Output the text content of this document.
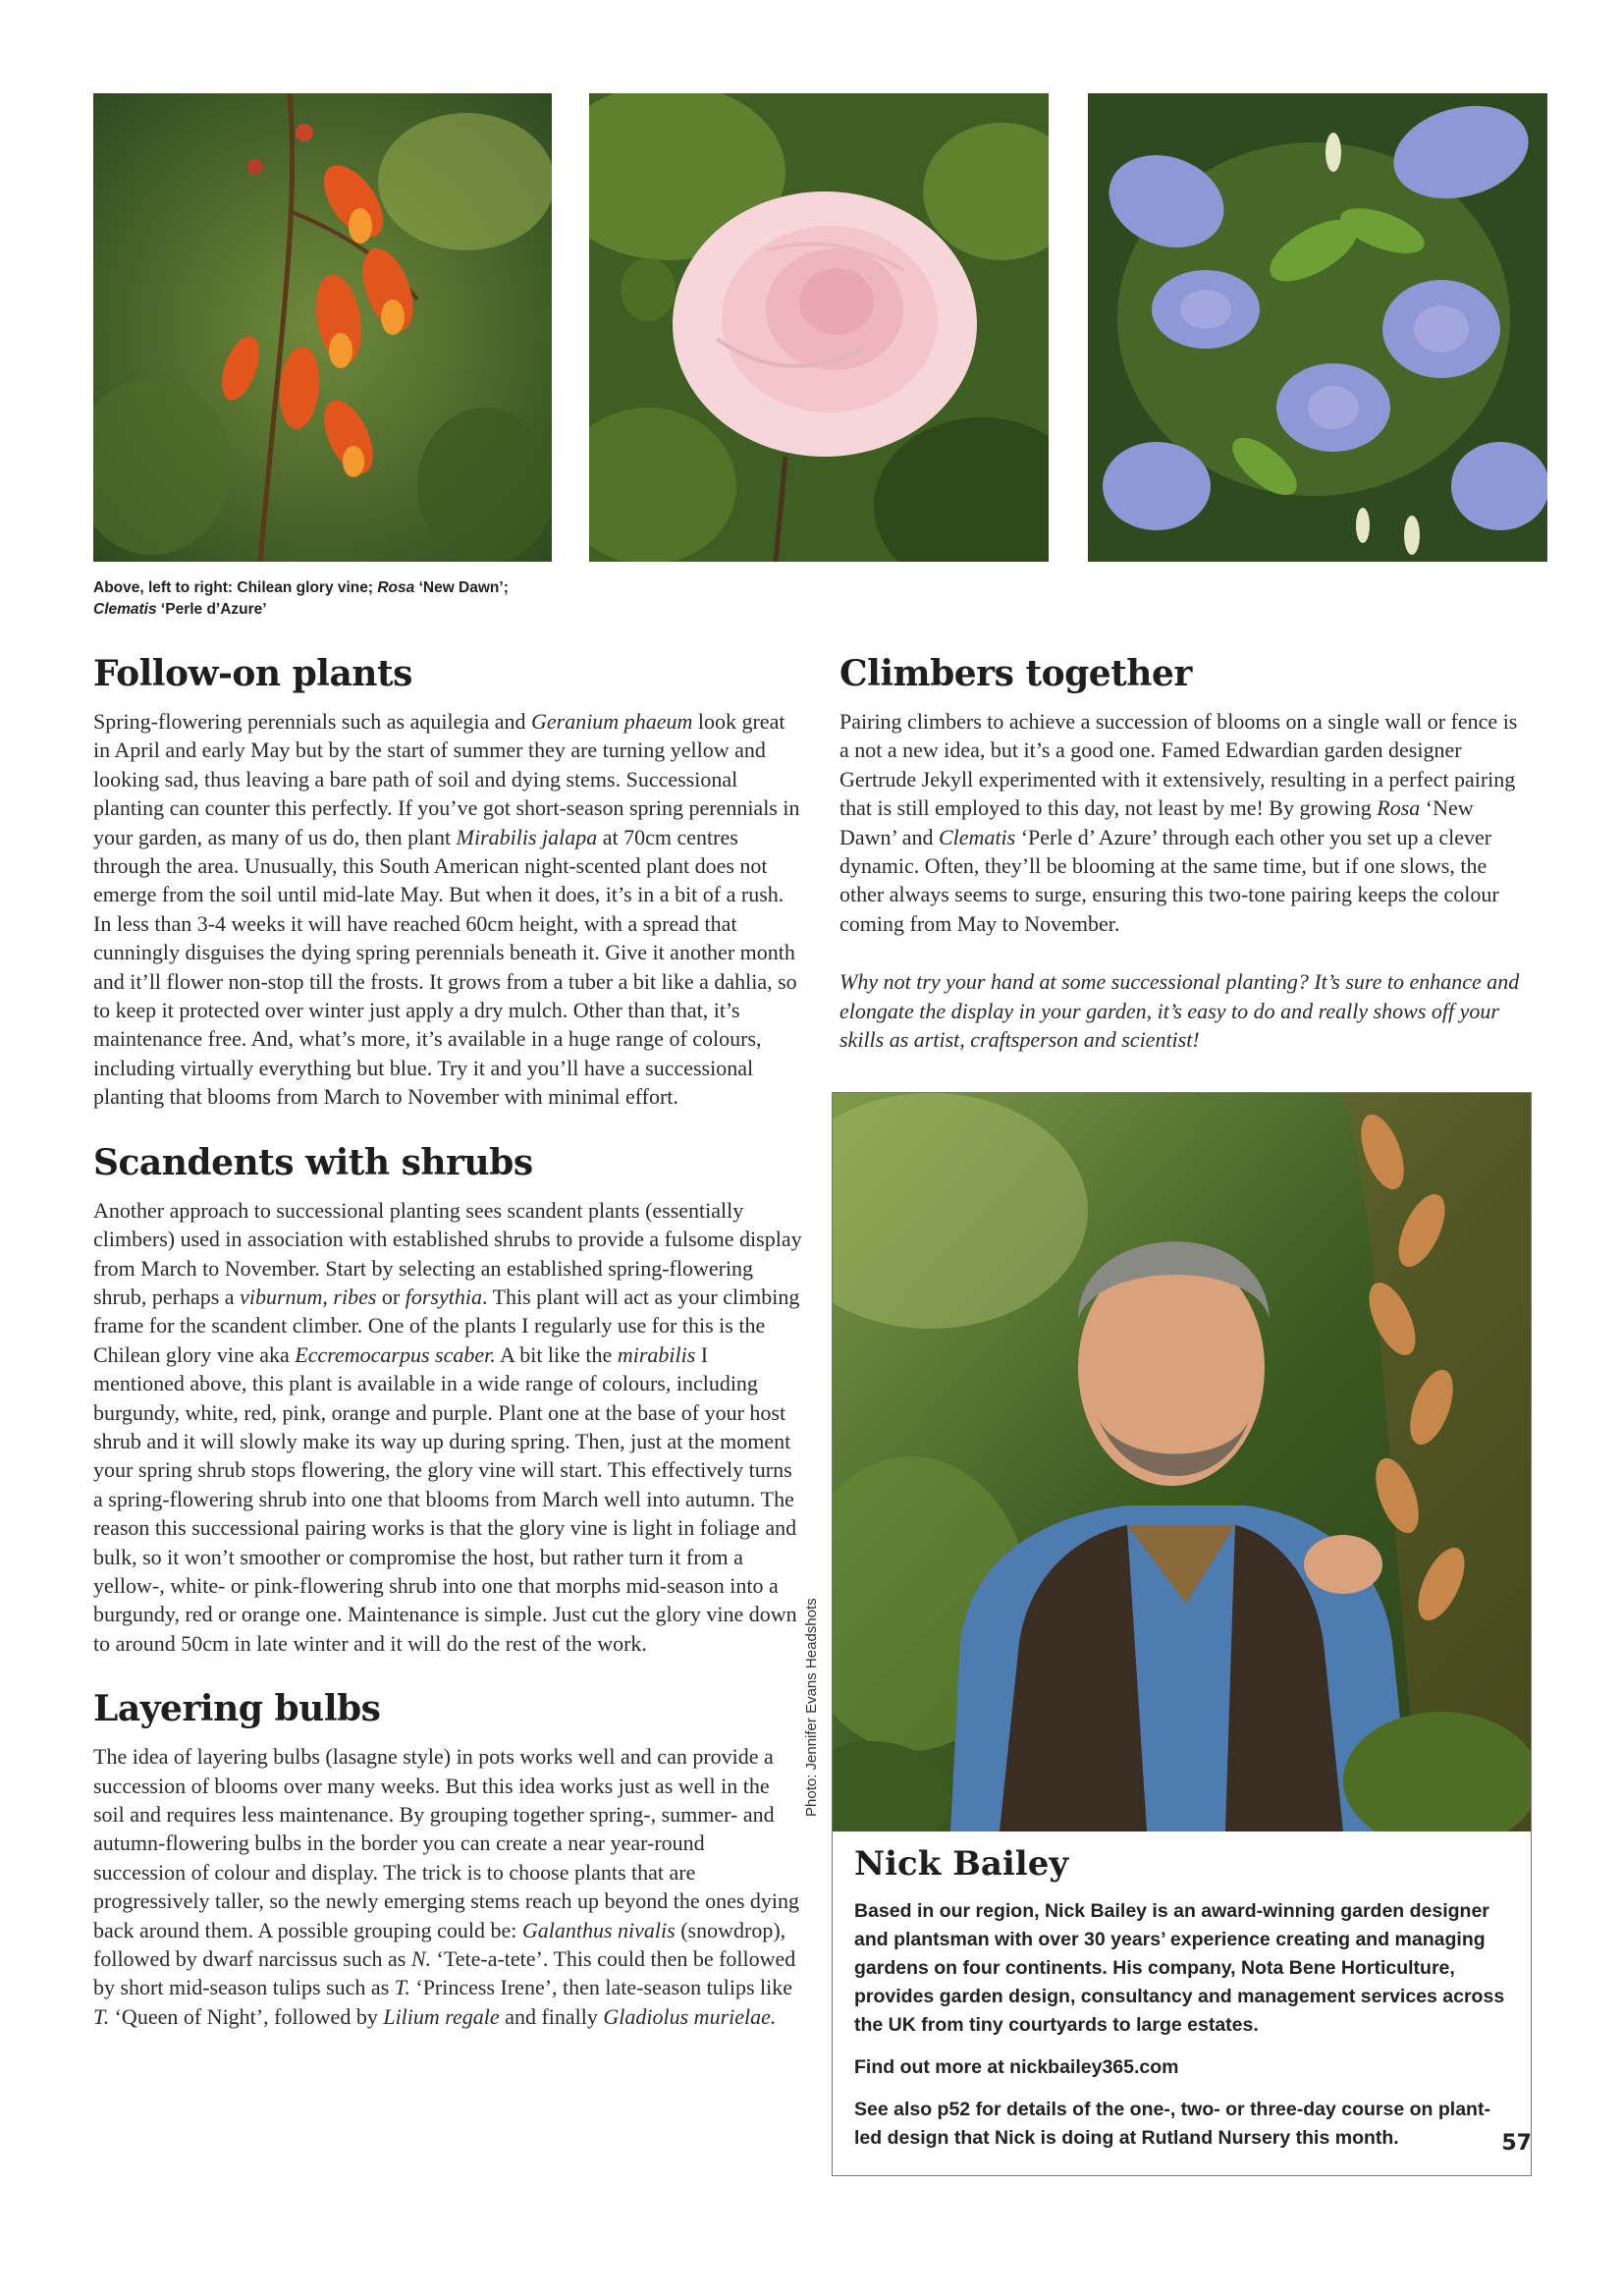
Above, left to right: Chilean glory vine; Rosa ‘New Dawn’;
Clematis ‘Perle d’Azure’
Follow-on plants

Spring-flowering perennials such as aquilegia and Geranium phaeum look great in April and early May but by the start of summer they are turning yellow and looking sad, thus leaving a bare path of soil and dying stems. Successional planting can counter this perfectly. If you’ve got short-season spring perennials in your garden, as many of us do, then plant Mirabilis jalapa at 70cm centres through the area. Unusually, this South American night-scented plant does not emerge from the soil until mid-late May. But when it does, it’s in a bit of a rush. In less than 3-4 weeks it will have reached 60cm height, with a spread that cunningly disguises the dying spring perennials beneath it. Give it another month and it’ll flower non-stop till the frosts. It grows from a tuber a bit like a dahlia, so to keep it protected over winter just apply a dry mulch. Other than that, it’s maintenance free. And, what’s more, it’s available in a huge range of colours, including virtually everything but blue. Try it and you’ll have a successional planting that blooms from March to November with minimal effort.

Scandents with shrubs

Another approach to successional planting sees scandent plants (essentially climbers) used in association with established shrubs to provide a fulsome display from March to November. Start by selecting an established spring-flowering shrub, perhaps a viburnum, ribes or forsythia. This plant will act as your climbing frame for the scandent climber. One of the plants I regularly use for this is the Chilean glory vine aka Eccremocarpus scaber. A bit like the mirabilis I mentioned above, this plant is available in a wide range of colours, including burgundy, white, red, pink, orange and purple. Plant one at the base of your host shrub and it will slowly make its way up during spring. Then, just at the moment your spring shrub stops flowering, the glory vine will start. This effectively turns a spring-flowering shrub into one that blooms from March well into autumn. The reason this successional pairing works is that the glory vine is light in foliage and bulk, so it won’t smoother or compromise the host, but rather turn it from a yellow-, white- or pink-flowering shrub into one that morphs mid-season into a burgundy, red or orange one. Maintenance is simple. Just cut the glory vine down to around 50cm in late winter and it will do the rest of the work.

Layering bulbs

The idea of layering bulbs (lasagne style) in pots works well and can provide a succession of blooms over many weeks. But this idea works just as well in the soil and requires less maintenance. By grouping together spring-, summer- and autumn-flowering bulbs in the border you can create a near year-round succession of colour and display. The trick is to choose plants that are progressively taller, so the newly emerging stems reach up beyond the ones dying back around them. A possible grouping could be: Galanthus nivalis (snowdrop), followed by dwarf narcissus such as N. ‘Tete-a-tete’. This could then be followed by short mid-season tulips such as T. ‘Princess Irene’, then late-season tulips like T. ‘Queen of Night’, followed by Lilium regale and finally Gladiolus murielae.

Climbers together

Pairing climbers to achieve a succession of blooms on a single wall or fence is a not a new idea, but it’s a good one. Famed Edwardian garden designer Gertrude Jekyll experimented with it extensively, resulting in a perfect pairing that is still employed to this day, not least by me! By growing Rosa ‘New Dawn’ and Clematis ‘Perle d’ Azure’ through each other you set up a clever dynamic. Often, they’ll be blooming at the same time, but if one slows, the other always seems to surge, ensuring this two-tone pairing keeps the colour coming from May to November.

Why not try your hand at some successional planting? It’s sure to enhance and elongate the display in your garden, it’s easy to do and really shows off your skills as artist, craftsperson and scientist!

Photo: Jennifer Evans Headshots
Nick Bailey

Based in our region, Nick Bailey is an award-winning garden designer and plantsman with over 30 years’ experience creating and managing gardens on four continents. His company, Nota Bene Horticulture, provides garden design, consultancy and management services across the UK from tiny courtyards to large estates.

Find out more at nickbailey365.com

See also p52 for details of the one-, two- or three-day course on plant-led design that Nick is doing at Rutland Nursery this month.	57
